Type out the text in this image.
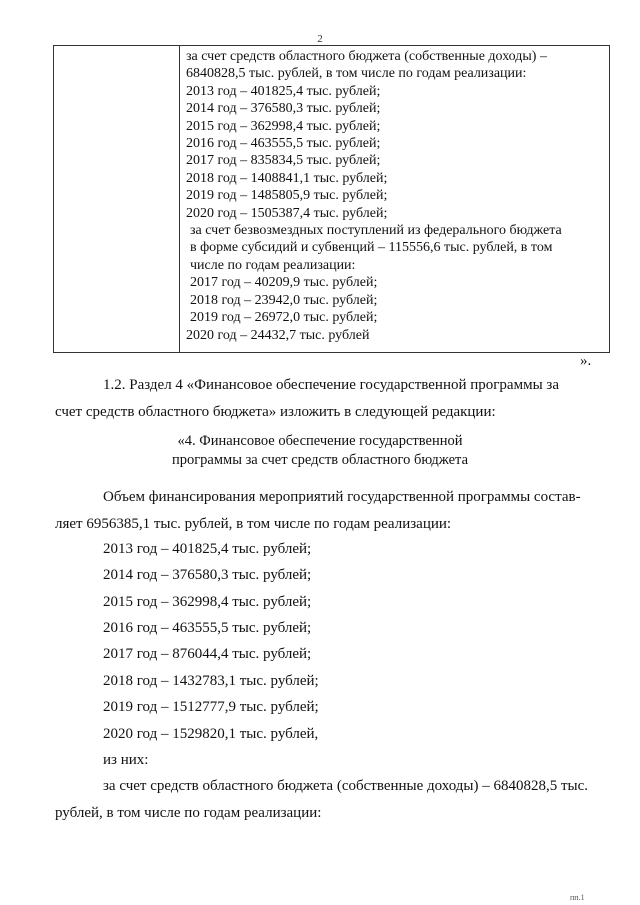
2
за счет средств областного бюджета (собственные доходы) –
6840828,5 тыс. рублей, в том числе по годам реализации:
2013 год – 401825,4 тыс. рублей;
2014 год – 376580,3 тыс. рублей;
2015 год – 362998,4 тыс. рублей;
2016 год – 463555,5 тыс. рублей;
2017 год – 835834,5 тыс. рублей;
2018 год – 1408841,1 тыс. рублей;
2019 год – 1485805,9 тыс. рублей;
2020 год – 1505387,4 тыс. рублей;
за счет безвозмездных поступлений из федерального бюджета
в форме субсидий и субвенций – 115556,6 тыс. рублей, в том
числе по годам реализации:
2017 год – 40209,9 тыс. рублей;
2018 год – 23942,0 тыс. рублей;
2019 год – 26972,0 тыс. рублей;
2020 год – 24432,7 тыс. рублей
».
1.2. Раздел 4 «Финансовое обеспечение государственной программы за
счет средств областного бюджета» изложить в следующей редакции:
«4. Финансовое обеспечение государственной
программы за счет средств областного бюджета
Объем финансирования мероприятий государственной программы состав-
ляет 6956385,1 тыс. рублей, в том числе по годам реализации:
2013 год – 401825,4 тыс. рублей;
2014 год – 376580,3 тыс. рублей;
2015 год – 362998,4 тыс. рублей;
2016 год – 463555,5 тыс. рублей;
2017 год – 876044,4 тыс. рублей;
2018 год – 1432783,1 тыс. рублей;
2019 год – 1512777,9 тыс. рублей;
2020 год – 1529820,1 тыс. рублей,
из них:
за счет средств областного бюджета (собственные доходы) – 6840828,5 тыс.
рублей, в том числе по годам реализации:
пп.1
